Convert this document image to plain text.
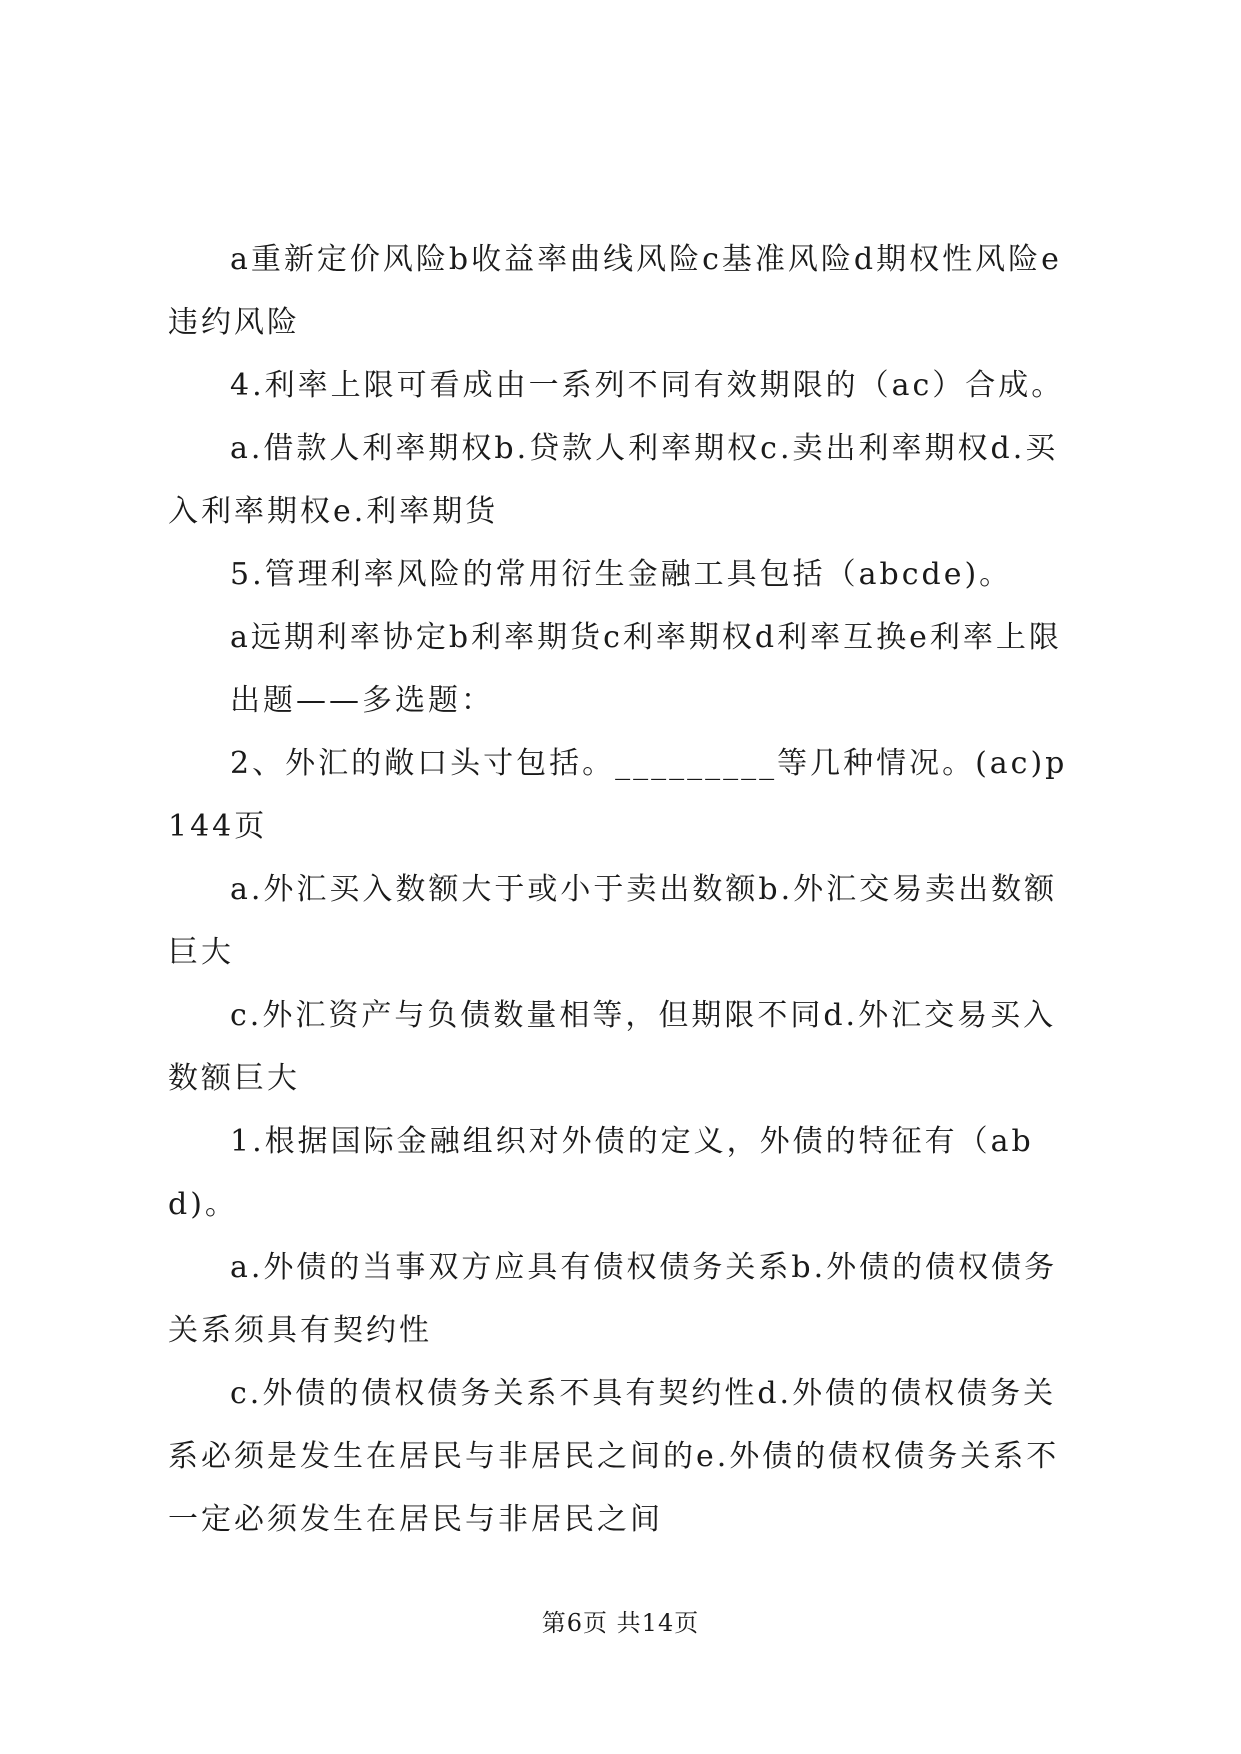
a重新定价风险b收益率曲线风险c基准风险d期权性风险e违约风险

4.利率上限可看成由一系列不同有效期限的（ac）合成。

a.借款人利率期权b.贷款人利率期权c.卖出利率期权d.买入利率期权e.利率期货

5.管理利率风险的常用衍生金融工具包括（abcde)。

a远期利率协定b利率期货c利率期权d利率互换e利率上限

出题——多选题：

2、外汇的敞口头寸包括。_________等几种情况。(ac)p144页

a.外汇买入数额大于或小于卖出数额b.外汇交易卖出数额巨大

c.外汇资产与负债数量相等，但期限不同d.外汇交易买入数额巨大

1.根据国际金融组织对外债的定义，外债的特征有（abd)。

a.外债的当事双方应具有债权债务关系b.外债的债权债务关系须具有契约性

c.外债的债权债务关系不具有契约性d.外债的债权债务关系必须是发生在居民与非居民之间的e.外债的债权债务关系不一定必须发生在居民与非居民之间

第6页 共14页
